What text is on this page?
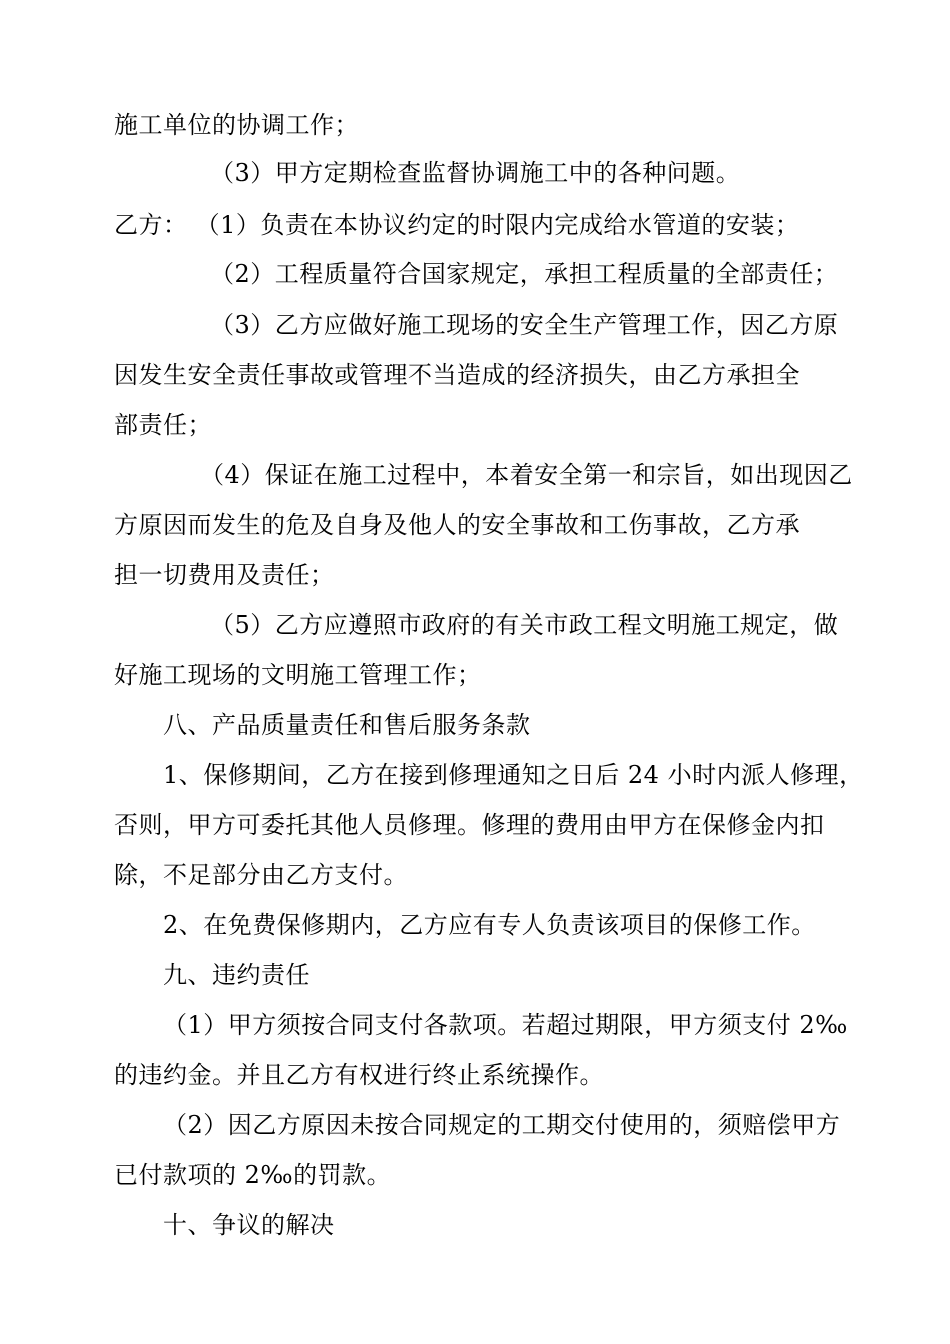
施工单位的协调工作；
（3）甲方定期检查监督协调施工中的各种问题。
乙方： （1）负责在本协议约定的时限内完成给水管道的安装；
（2）工程质量符合国家规定，承担工程质量的全部责任；
（3）乙方应做好施工现场的安全生产管理工作，因乙方原
因发生安全责任事故或管理不当造成的经济损失，由乙方承担全
部责任；
（4）保证在施工过程中，本着安全第一和宗旨，如出现因乙
方原因而发生的危及自身及他人的安全事故和工伤事故，乙方承
担一切费用及责任；
（5）乙方应遵照市政府的有关市政工程文明施工规定，做
好施工现场的文明施工管理工作；
八、产品质量责任和售后服务条款
1、保修期间，乙方在接到修理通知之日后 24 小时内派人修理，
否则，甲方可委托其他人员修理。修理的费用由甲方在保修金内扣
除，不足部分由乙方支付。
2、在免费保修期内，乙方应有专人负责该项目的保修工作。
九、违约责任
（1）甲方须按合同支付各款项。若超过期限，甲方须支付 2‰
的违约金。并且乙方有权进行终止系统操作。
（2）因乙方原因未按合同规定的工期交付使用的，须赔偿甲方
已付款项的 2‰的罚款。
十、争议的解决
